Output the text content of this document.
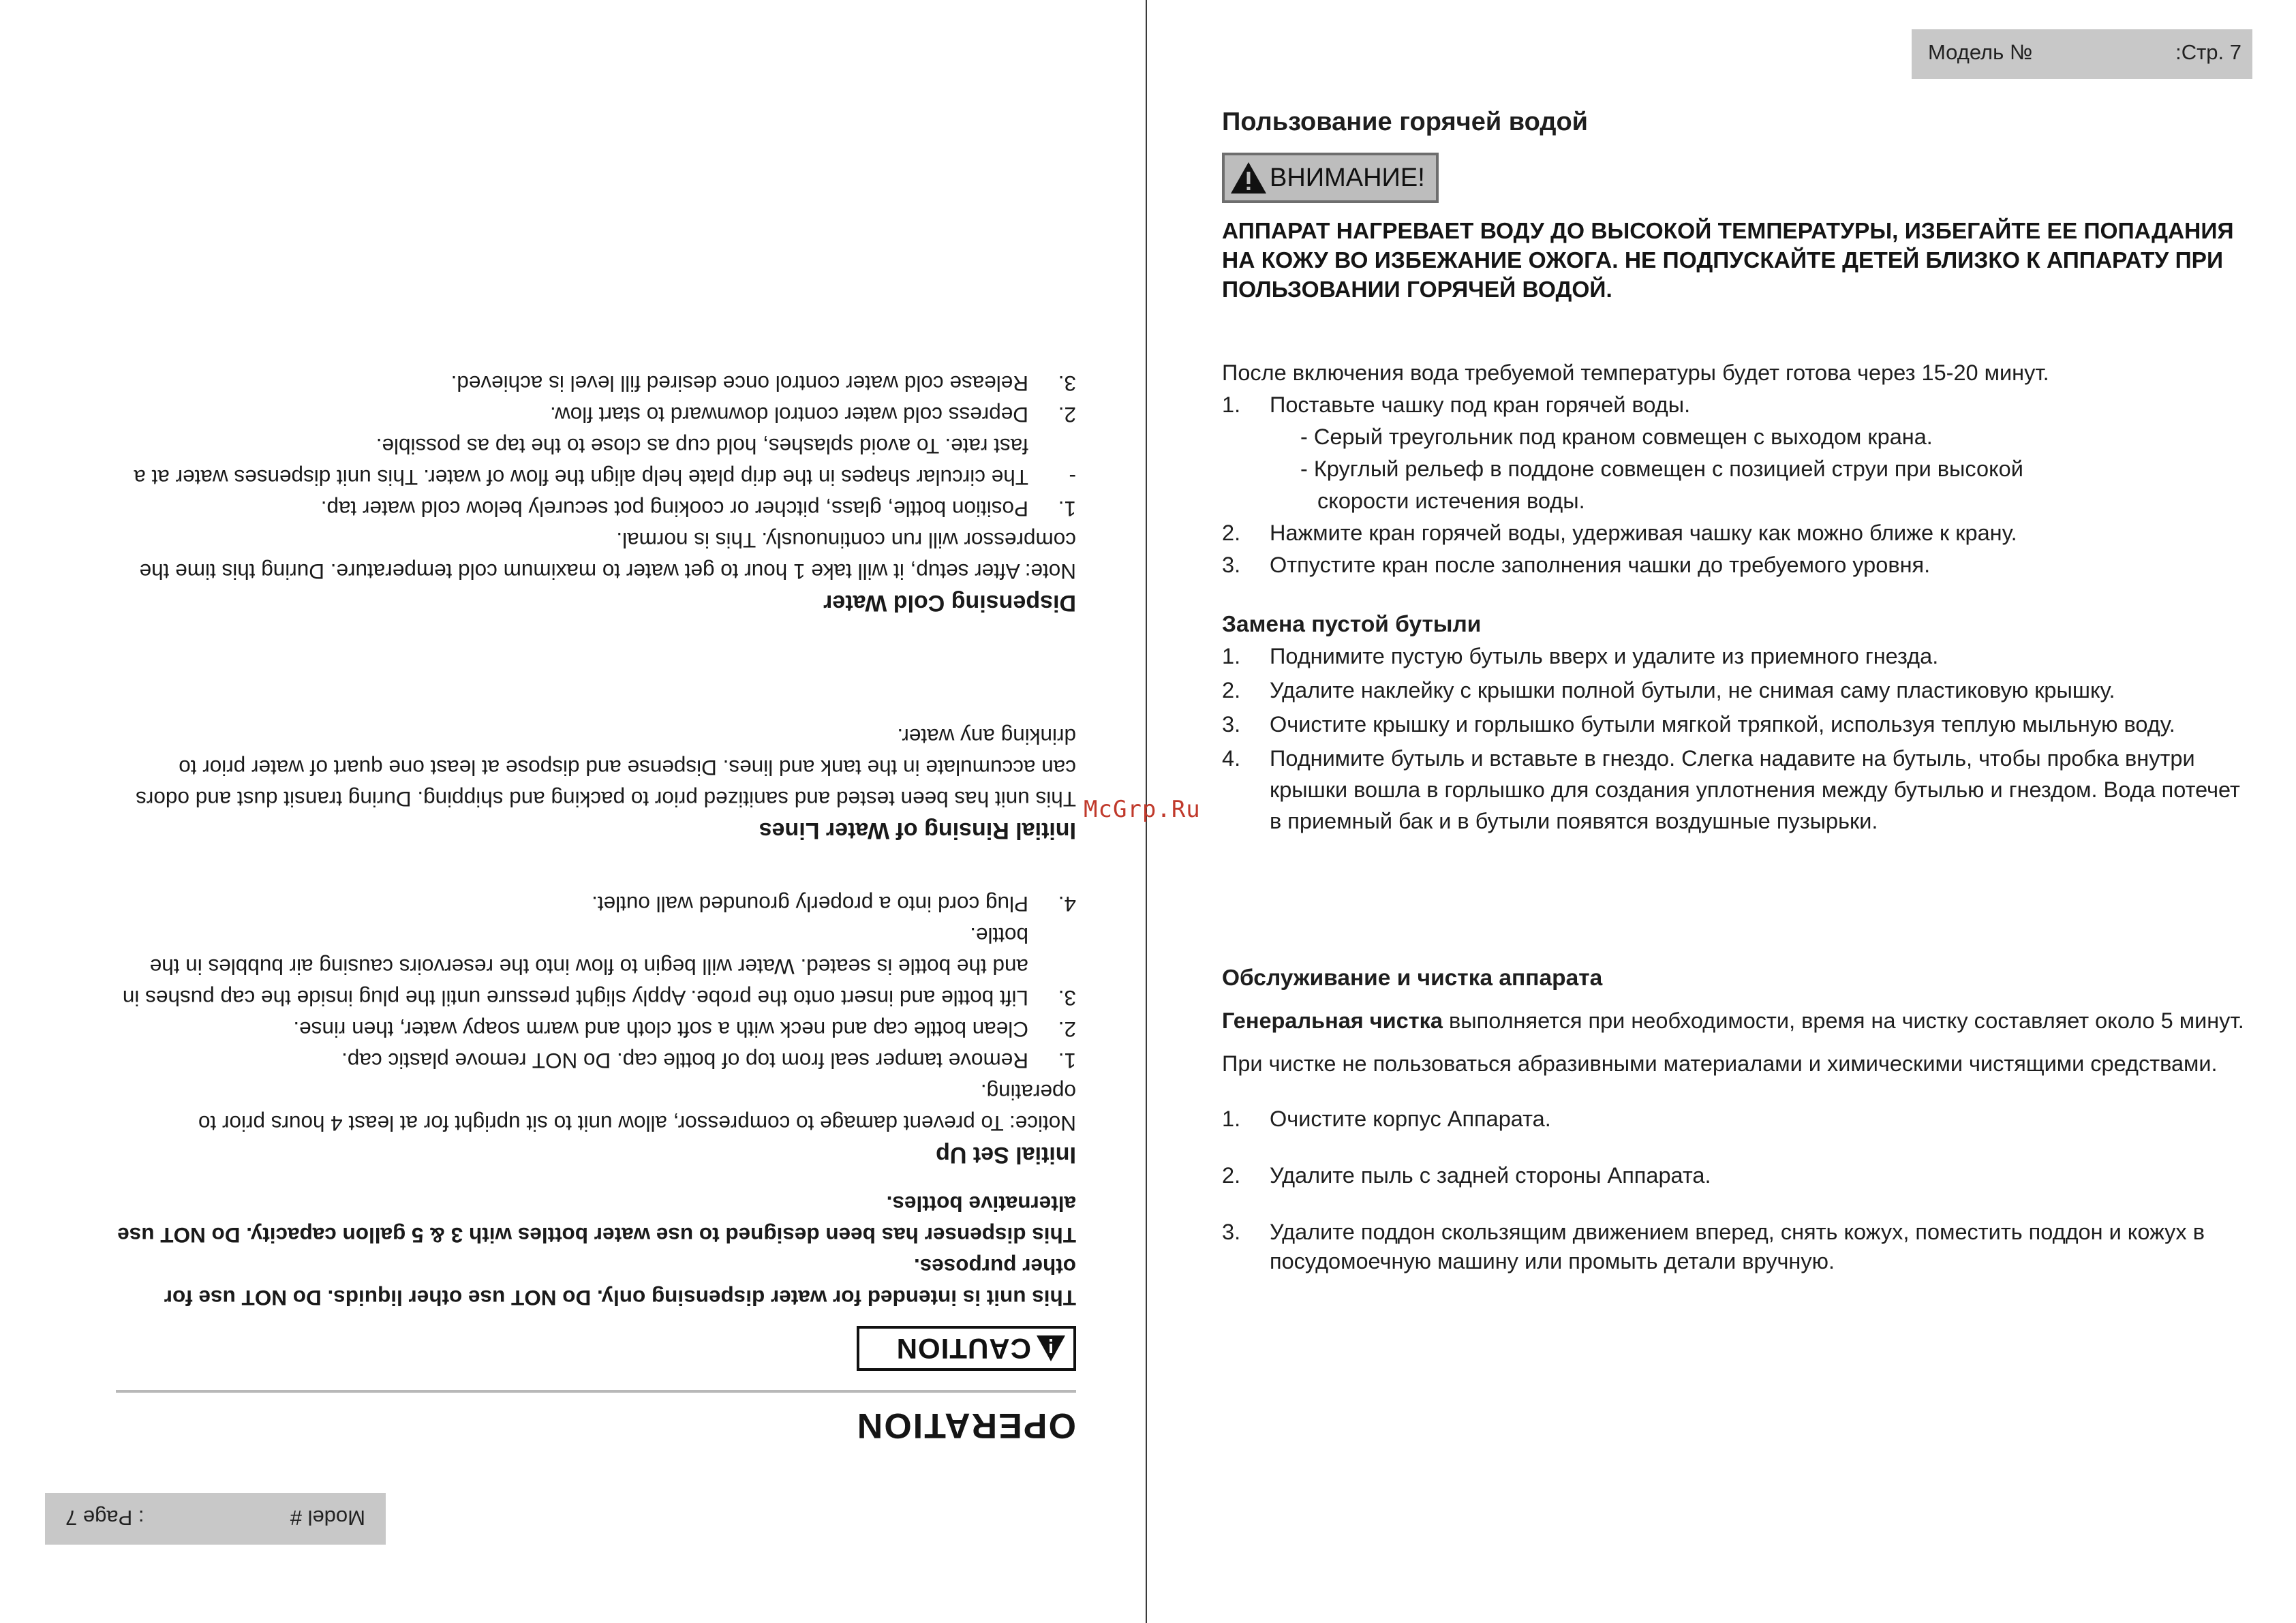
Model #
: Page 7
OPERATION
CAUTION
This unit is intended for water dispensing only. Do NOT use other liquids. Do NOT use for other purposes.
This dispenser has been designed to use water bottles with 3 & 5 gallon capacity. Do NOT use alternative bottles.
Initial Set Up
Notice: To prevent damage to compressor, allow unit to sit upright for at least 4 hours prior to operating.
1.
Remove tamper seal from top of bottle cap. Do NOT remove plastic cap.
2.
Clean bottle cap and neck with a soft cloth and warm soapy water, then rinse.
3.
Lift bottle and insert onto the probe. Apply slight pressure until the plug inside the cap pushes in and the bottle is seated. Water will begin to flow into the reservoirs causing air bubbles in the bottle.
4.
Plug cord into a properly grounded wall outlet.
Initial Rinsing of Water Lines
This unit has been tested and sanitized prior to packing and shipping. During transit dust and odors can accumulate in the tank and lines. Dispense and dispose at least one quart of water prior to drinking any water.
Dispensing Cold Water
Note: After setup, it will take 1 hour to get water to maximum cold temperature. During this time the compressor will run continuously. This is normal.
1.
Position bottle, glass, pitcher or cooking pot securely below cold water tap.
-
The circular shapes in the drip plate help align the flow of water. This unit dispenses water at a fast rate. To avoid splashes, hold cup as close to the tap as possible.
2.
Depress cold water control downward to start flow.
3.
Release cold water control once desired fill level is achieved.
Модель №	:Стр. 7
Пользование горячей водой
ВНИМАНИЕ!
АППАРАТ НАГРЕВАЕТ ВОДУ ДО ВЫСОКОЙ ТЕМПЕРАТУРЫ, ИЗБЕГАЙТЕ ЕЕ ПОПАДАНИЯ НА КОЖУ ВО ИЗБЕЖАНИЕ ОЖОГА. НЕ ПОДПУСКАЙТЕ ДЕТЕЙ БЛИЗКО К АППАРАТУ ПРИ ПОЛЬЗОВАНИИ ГОРЯЧЕЙ ВОДОЙ.

После включения вода требуемой температуры будет готова через 15-20 минут.

1.	Поставьте чашку под кран горячей воды.
- Серый треугольник под краном совмещен с выходом крана.
- Круглый рельеф в поддоне совмещен с позицией струи при высокой
скорости истечения воды.
2.	Нажмите кран горячей воды, удерживая чашку как можно ближе к крану.
3.	Отпустите кран после заполнения чашки до требуемого уровня.
Замена пустой бутыли
1.	Поднимите пустую бутыль вверх и удалите из приемного гнезда.
2.	Удалите наклейку с крышки полной бутыли, не снимая саму пластиковую крышку.
3.	Очистите крышку и горлышко бутыли мягкой тряпкой, используя теплую мыльную воду.
4.	Поднимите бутыль и вставьте в гнездо. Слегка надавите на бутыль, чтобы пробка внутри крышки вошла в горлышко для создания уплотнения между бутылью и гнездом. Вода потечет в приемный бак и в бутыли появятся воздушные пузырьки.
Обслуживание и чистка аппарата

Генеральная чистка выполняется при необходимости, время на чистку составляет около 5 минут.

При чистке не пользоваться абразивными материалами и химическими чистящими средствами.

1.	Очистите корпус Аппарата.
2.	Удалите пыль с задней стороны Аппарата.
3.	Удалите поддон скользящим движением вперед, снять кожух, поместить поддон и кожух в посудомоечную машину или промыть детали вручную.
McGrp.Ru
